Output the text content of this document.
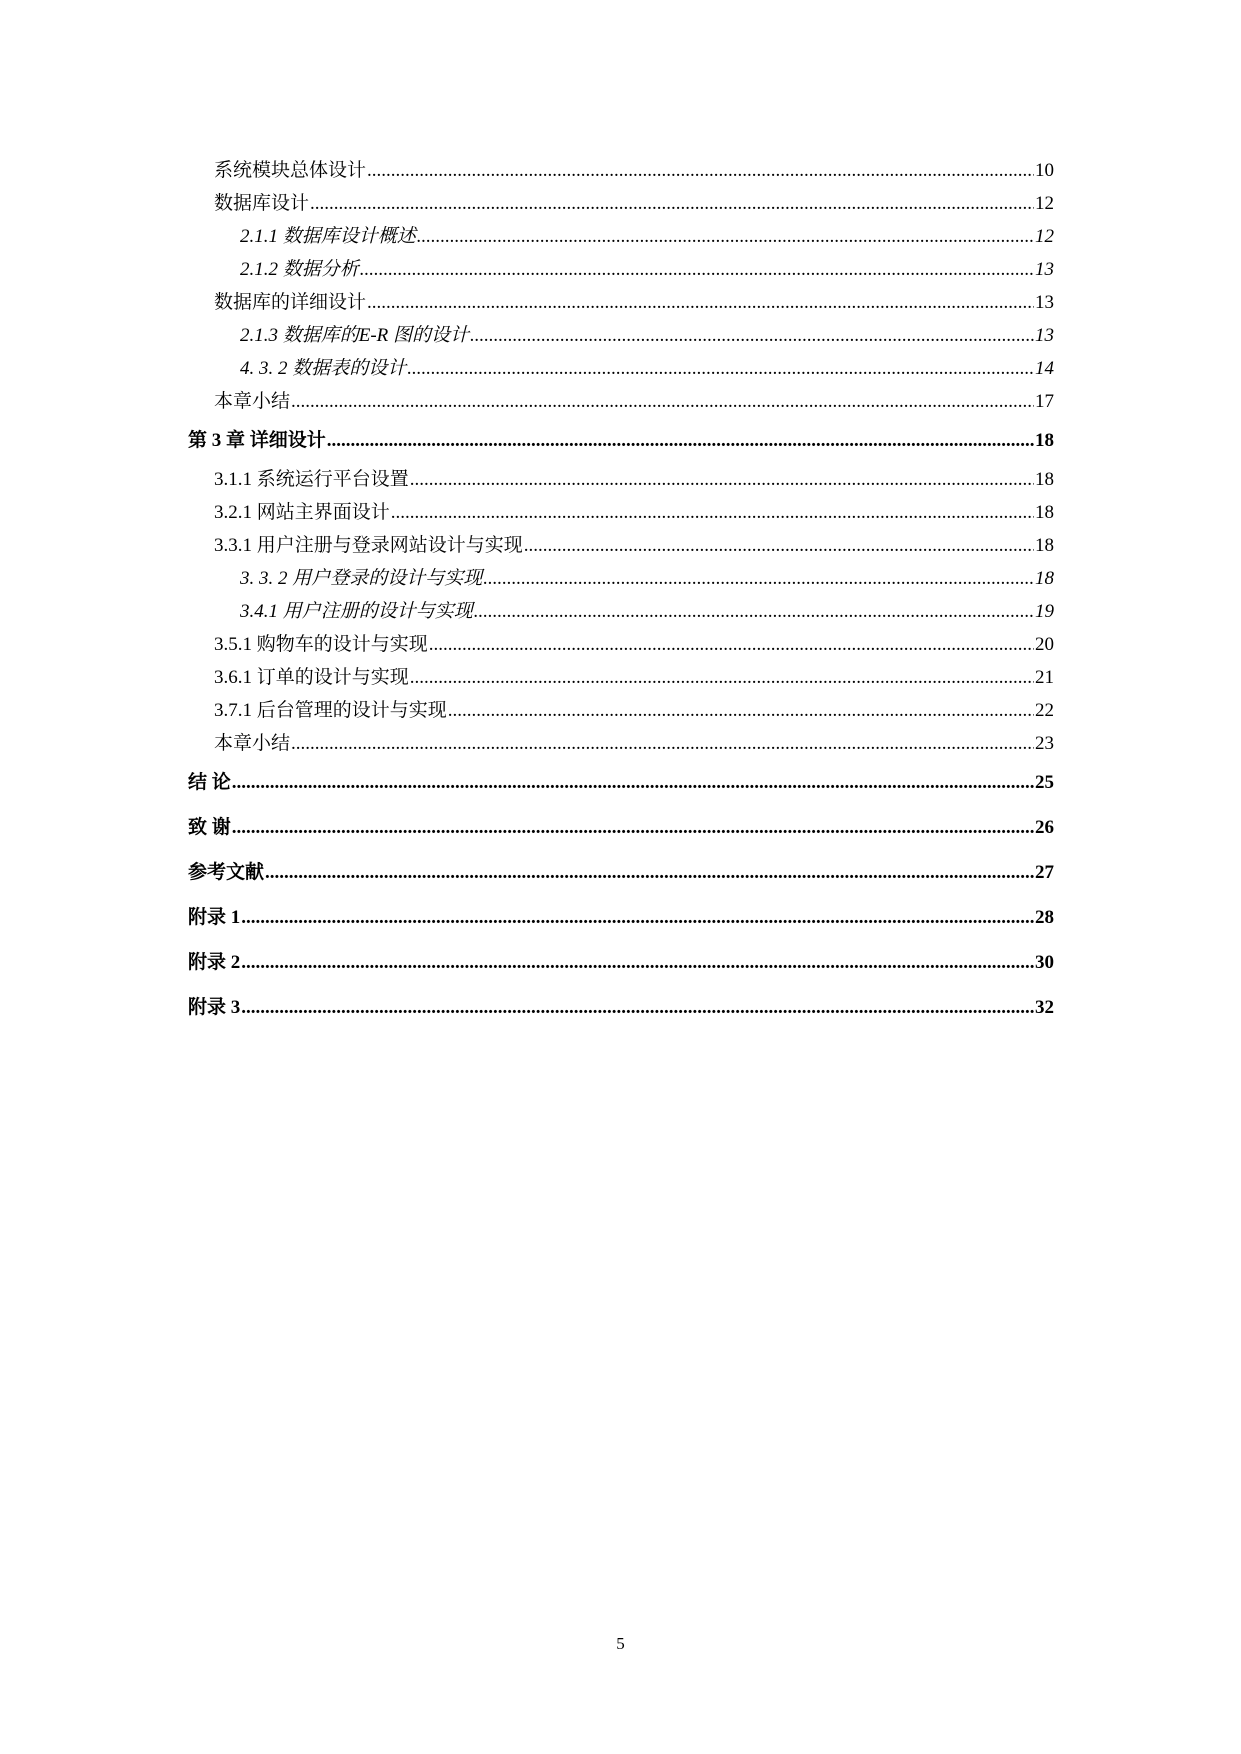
系统模块总体设计 .....	10
数据库设计 .....	12
2.1.1 数据库设计概述 .....	12
2.1.2 数据分析 .....	13
数据库的详细设计 .....	13
2.1.3 数据库的E-R 图的设计 .....	13
4. 3. 2 数据表的设计 .....	14
本章小结 .....	17
第 3 章 详细设计 .....	18
3.1.1 系统运行平台设置 .....	18
3.2.1 网站主界面设计 .....	18
3.3.1 用户注册与登录网站设计与实现 .....	18
3. 3. 2 用户登录的设计与实现 .....	18
3.4.1 用户注册的设计与实现 .....	19
3.5.1 购物车的设计与实现 .....	20
3.6.1 订单的设计与实现 .....	21
3.7.1 后台管理的设计与实现 .....	22
本章小结 .....	23
结 论 .....	25
致 谢 .....	26
参考文献 .....	27
附录 1 .....	28
附录 2 .....	30
附录 3 .....	32
5
